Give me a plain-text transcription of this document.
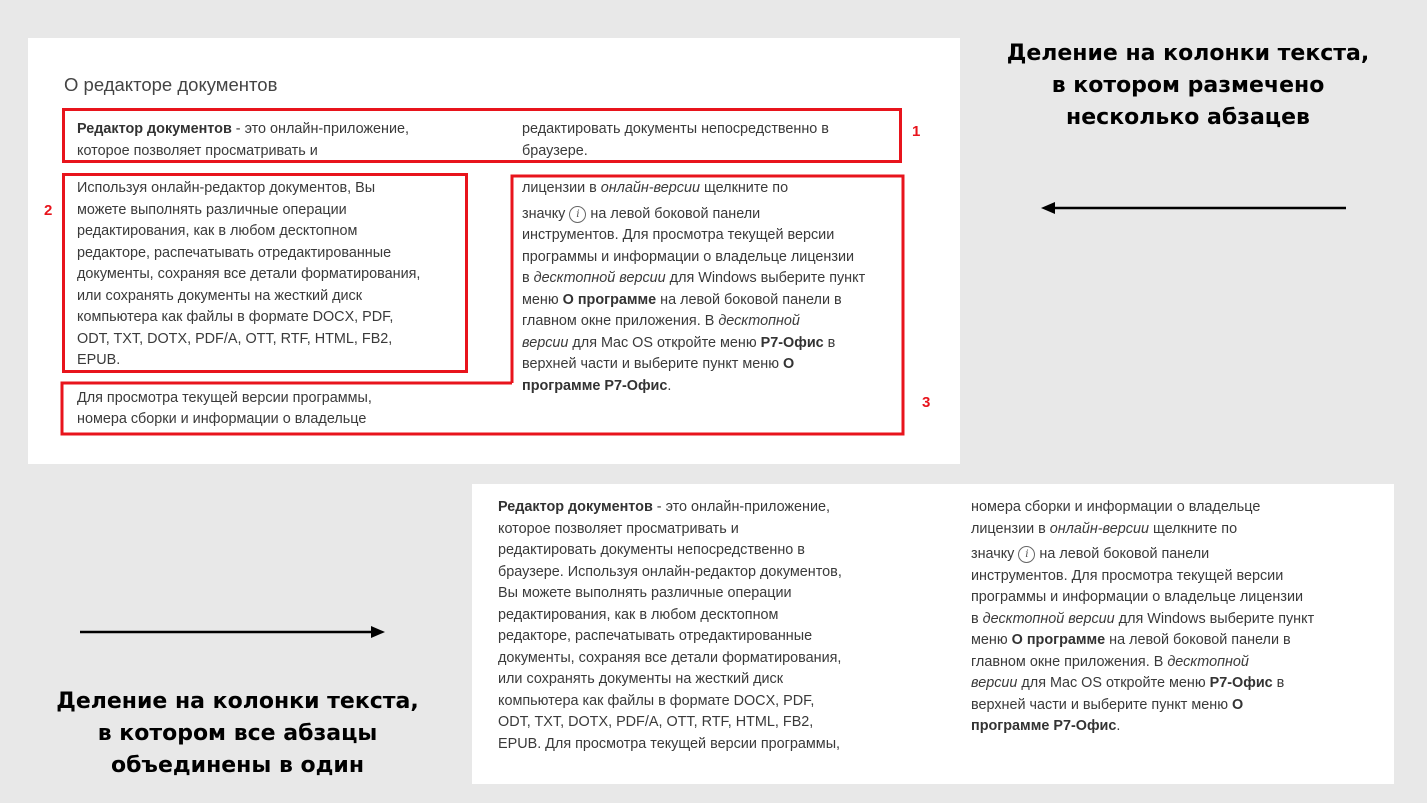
О редакторе документов
Редактор документов - это онлайн-приложение,
которое позволяет просматривать и
Используя онлайн-редактор документов, Вы
можете выполнять различные операции
редактирования, как в любом десктопном
редакторе, распечатывать отредактированные
документы, сохраняя все детали форматирования,
или сохранять документы на жесткий диск
компьютера как файлы в формате DOCX, PDF,
ODT, TXT, DOTX, PDF/A, OTT, RTF, HTML, FB2,
EPUB.
Для просмотра текущей версии программы,
номера сборки и информации о владельце
редактировать документы непосредственно в
браузере.
лицензии в онлайн-версии щелкните по
значку i на левой боковой панели
инструментов. Для просмотра текущей версии
программы и информации о владельце лицензии
в десктопной версии для Windows выберите пункт
меню О программе на левой боковой панели в
главном окне приложения. В десктопной
версии для Mac OS откройте меню Р7-Офис в
верхней части и выберите пункт меню О
программе Р7-Офис.
1
2
3
Деление на колонки текста,
в котором размечено
несколько абзацев
Редактор документов - это онлайн-приложение,
которое позволяет просматривать и
редактировать документы непосредственно в
браузере. Используя онлайн-редактор документов,
Вы можете выполнять различные операции
редактирования, как в любом десктопном
редакторе, распечатывать отредактированные
документы, сохраняя все детали форматирования,
или сохранять документы на жесткий диск
компьютера как файлы в формате DOCX, PDF,
ODT, TXT, DOTX, PDF/A, OTT, RTF, HTML, FB2,
EPUB. Для просмотра текущей версии программы,
номера сборки и информации о владельце
лицензии в онлайн-версии щелкните по
значку i на левой боковой панели
инструментов. Для просмотра текущей версии
программы и информации о владельце лицензии
в десктопной версии для Windows выберите пункт
меню О программе на левой боковой панели в
главном окне приложения. В десктопной
версии для Mac OS откройте меню Р7-Офис в
верхней части и выберите пункт меню О
программе Р7-Офис.
Деление на колонки текста,
в котором все абзацы
объединены в один
